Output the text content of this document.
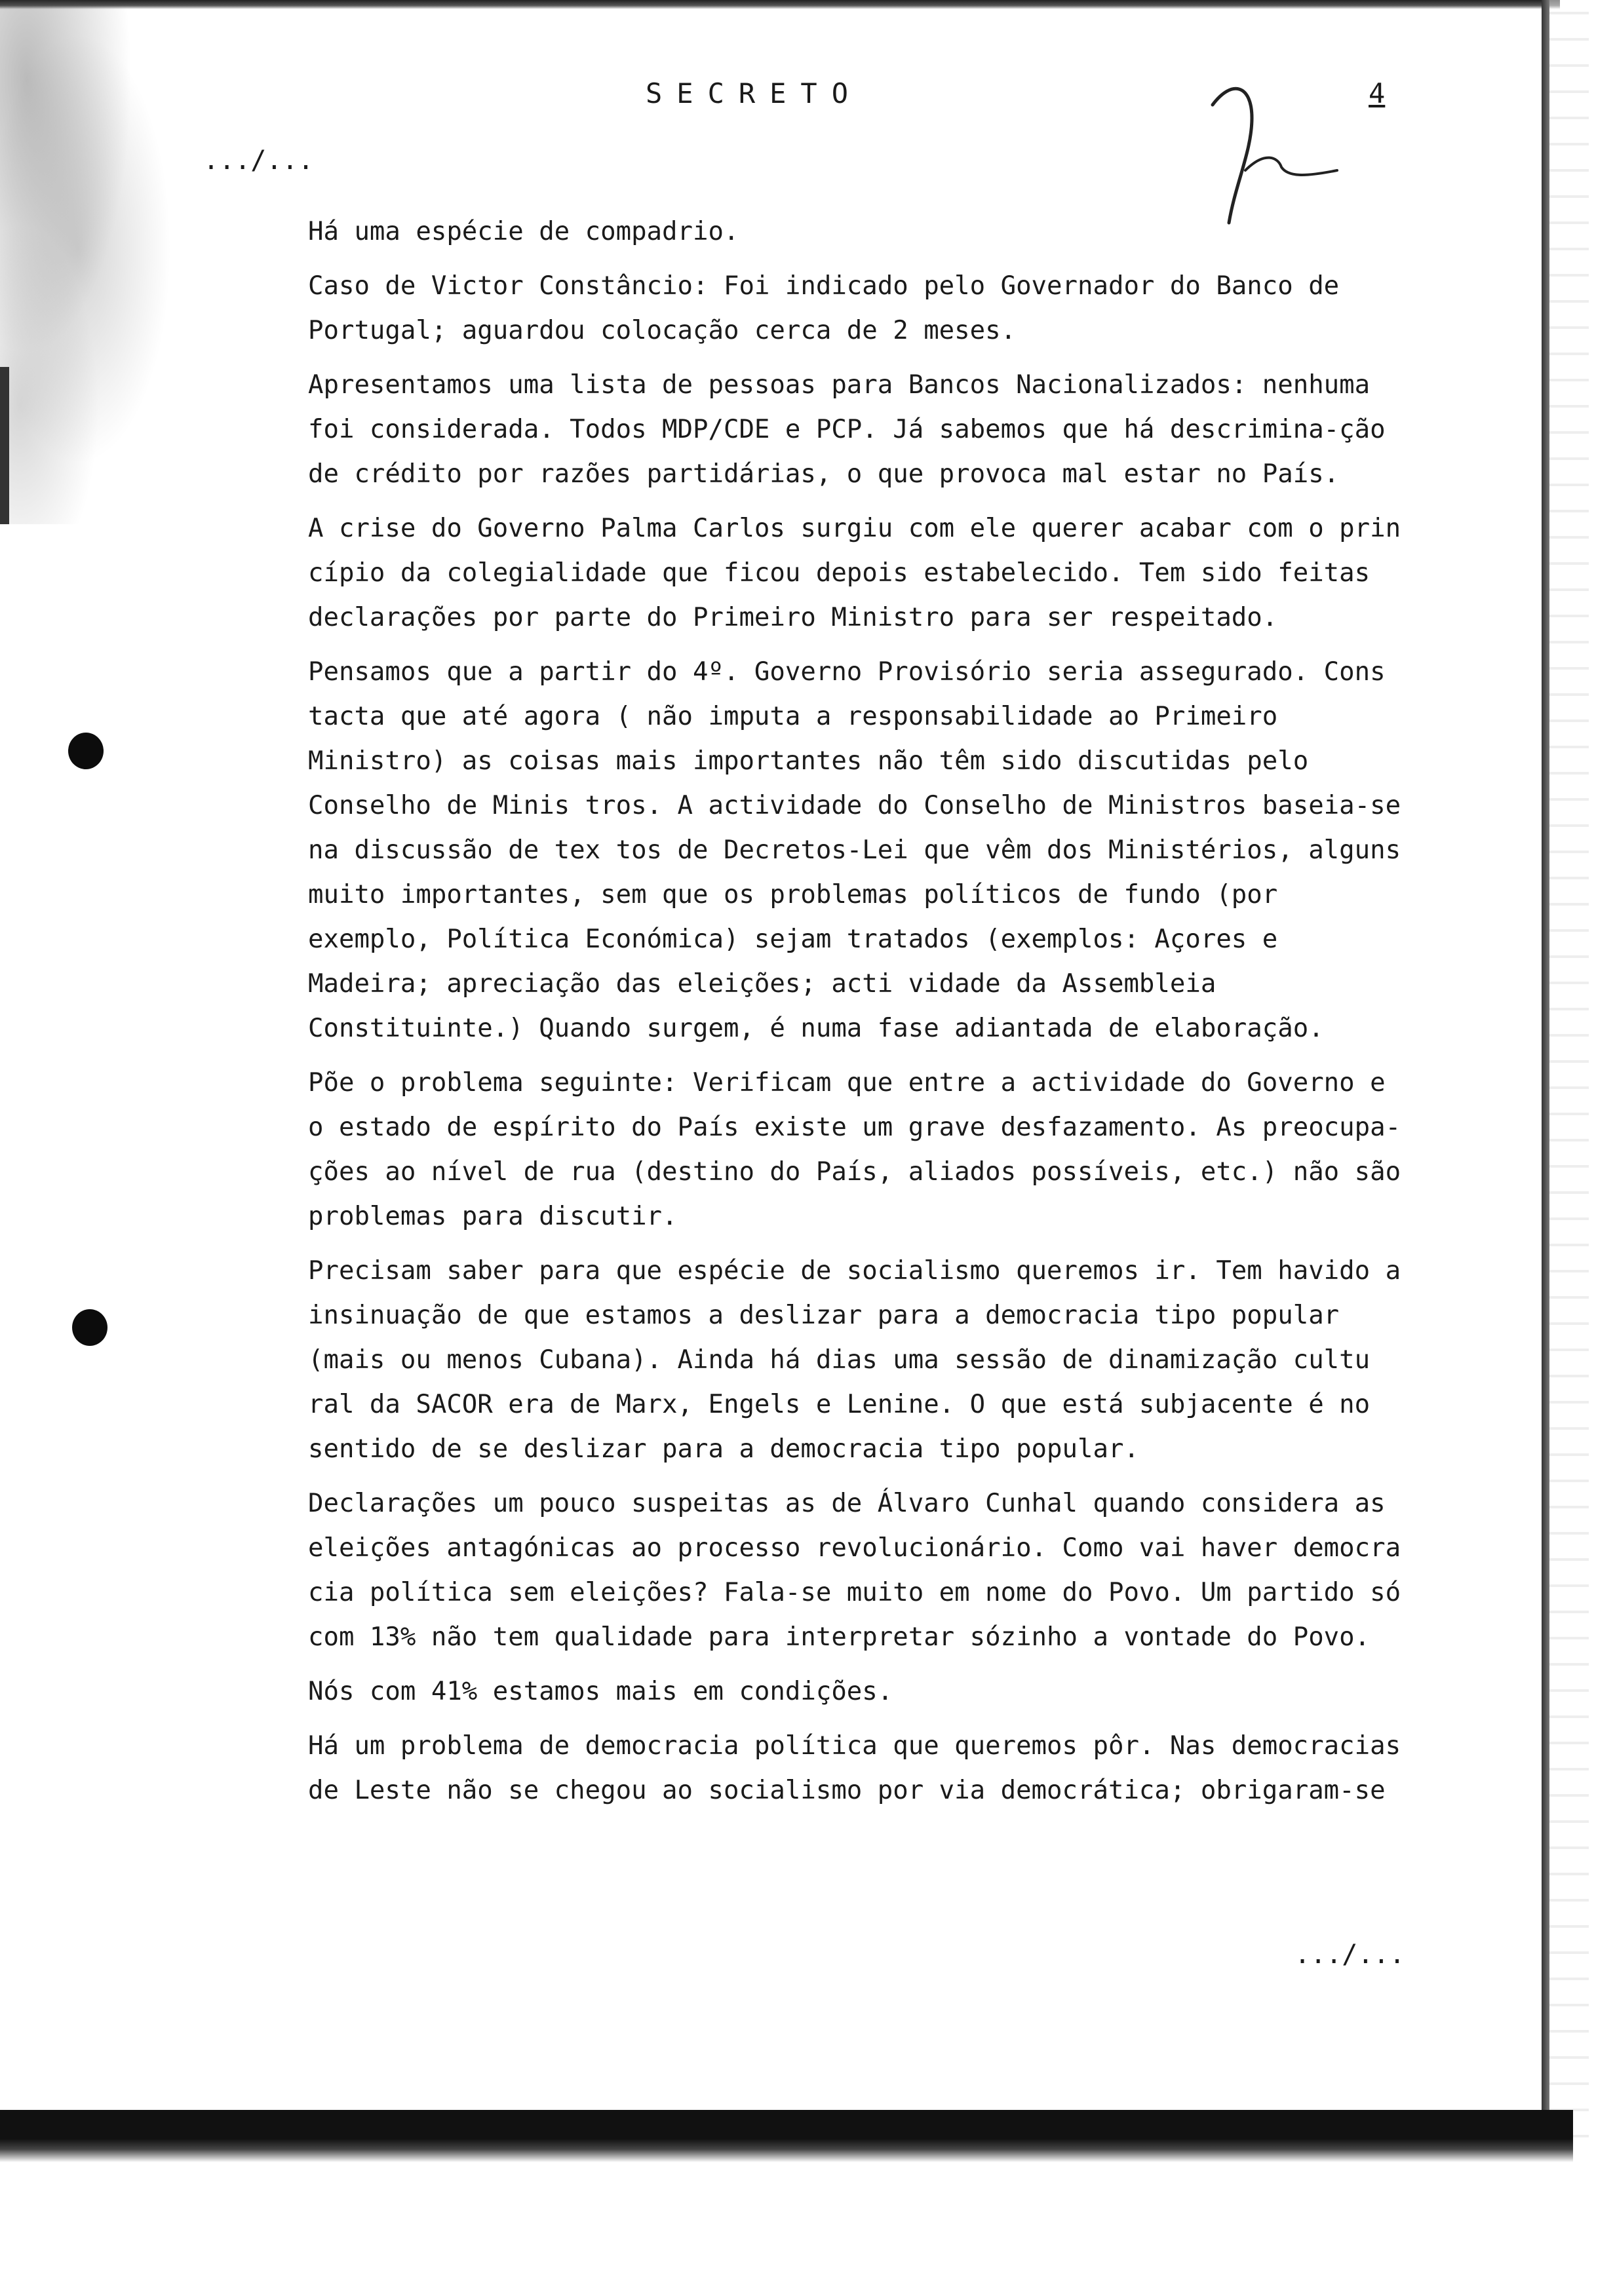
SECRETO	4

.../...

Há uma espécie de compadrio.

Caso de Victor Constâncio: Foi indicado pelo Governador do Banco de Portugal; aguardou colocação cerca de 2 meses.

Apresentamos uma lista de pessoas para Bancos Nacionalizados: nenhuma foi considerada. Todos MDP/CDE e PCP. Já sabemos que há descrimina-ção de crédito por razões partidárias, o que provoca mal estar no País.

A crise do Governo Palma Carlos surgiu com ele querer acabar com o prin cípio da colegialidade que ficou depois estabelecido. Tem sido feitas declarações por parte do Primeiro Ministro para ser respeitado.

Pensamos que a partir do 4º. Governo Provisório seria assegurado. Cons tacta que até agora ( não imputa a responsabilidade ao Primeiro Ministro) as coisas mais importantes não têm sido discutidas pelo Conselho de Minis tros. A actividade do Conselho de Ministros baseia-se na discussão de tex tos de Decretos-Lei que vêm dos Ministérios, alguns muito importantes, sem que os problemas políticos de fundo (por exemplo, Política Económica) sejam tratados (exemplos: Açores e Madeira; apreciação das eleições; acti vidade da Assembleia Constituinte.) Quando surgem, é numa fase adiantada de elaboração.

Põe o problema seguinte: Verificam que entre a actividade do Governo e o estado de espírito do País existe um grave desfazamento. As preocupa-ções ao nível de rua (destino do País, aliados possíveis, etc.) não são problemas para discutir.

Precisam saber para que espécie de socialismo queremos ir. Tem havido a insinuação de que estamos a deslizar para a democracia tipo popular (mais ou menos Cubana). Ainda há dias uma sessão de dinamização cultu ral da SACOR era de Marx, Engels e Lenine. O que está subjacente é no sentido de se deslizar para a democracia tipo popular.

Declarações um pouco suspeitas as de Álvaro Cunhal quando considera as eleições antagónicas ao processo revolucionário. Como vai haver democra cia política sem eleições? Fala-se muito em nome do Povo. Um partido só com 13% não tem qualidade para interpretar sózinho a vontade do Povo.

Nós com 41% estamos mais em condições.

Há um problema de democracia política que queremos pôr. Nas democracias de Leste não se chegou ao socialismo por via democrática; obrigaram-se

.../...
